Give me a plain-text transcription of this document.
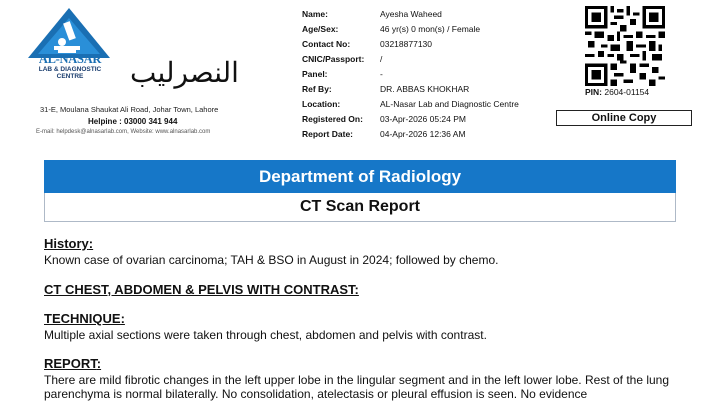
AL-NASAR
LAB & DIAGNOSTIC CENTRE	النصرليب
31-E, Moulana Shaukat Ali Road, Johar Town, Lahore
Helpine : 03000 341 944
E-mail: helpdesk@alnasarlab.com, Website: www.alnasarlab.com
Name:	Ayesha Waheed
Age/Sex:	46 yr(s) 0 mon(s) / Female
Contact No:	03218877130
CNIC/Passport: /
Panel:	-
Ref By:	DR. ABBAS KHOKHAR
Location:	AL-Nasar Lab and Diagnostic Centre
Registered On: 03-Apr-2026 05:24 PM
Report Date:	04-Apr-2026 12:36 AM
PIN: 2604-01154
Online Copy
Department of Radiology
CT Scan Report
History:
Known case of ovarian carcinoma; TAH & BSO in August in 2024; followed by chemo.
CT CHEST, ABDOMEN & PELVIS WITH CONTRAST:
TECHNIQUE:
Multiple axial sections were taken through chest, abdomen and pelvis with contrast.
REPORT:
There are mild fibrotic changes in the left upper lobe in the lingular segment and in the left lower lobe. Rest of the lung parenchyma is normal bilaterally. No consolidation, atelectasis or pleural effusion is seen. No evidence
